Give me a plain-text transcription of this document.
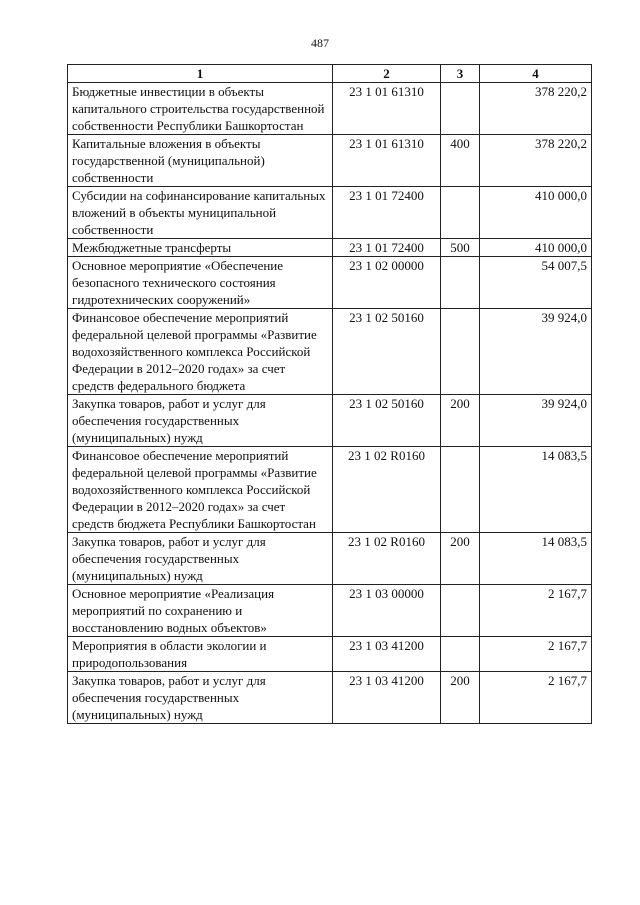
487
1	2	3	4
Бюджетные инвестиции в объекты капитального строительства государственной собственности Республики Башкортостан	23 1 01 61310		378 220,2
Капитальные вложения в объекты государственной (муниципальной) собственности	23 1 01 61310	400	378 220,2
Субсидии на софинансирование капитальных вложений в объекты муниципальной собственности	23 1 01 72400		410 000,0
Межбюджетные трансферты	23 1 01 72400	500	410 000,0
Основное мероприятие «Обеспечение безопасного технического состояния гидротехнических сооружений»	23 1 02 00000		54 007,5
Финансовое обеспечение мероприятий федеральной целевой программы «Развитие водохозяйственного комплекса Российской Федерации в 2012–2020 годах» за счет средств федерального бюджета	23 1 02 50160		39 924,0
Закупка товаров, работ и услуг для обеспечения государственных (муниципальных) нужд	23 1 02 50160	200	39 924,0
Финансовое обеспечение мероприятий федеральной целевой программы «Развитие водохозяйственного комплекса Российской Федерации в 2012–2020 годах» за счет средств бюджета Республики Башкортостан	23 1 02 R0160		14 083,5
Закупка товаров, работ и услуг для обеспечения государственных (муниципальных) нужд	23 1 02 R0160	200	14 083,5
Основное мероприятие «Реализация мероприятий по сохранению и восстановлению водных объектов»	23 1 03 00000		2 167,7
Мероприятия в области экологии и природопользования	23 1 03 41200		2 167,7
Закупка товаров, работ и услуг для обеспечения государственных (муниципальных) нужд	23 1 03 41200	200	2 167,7
